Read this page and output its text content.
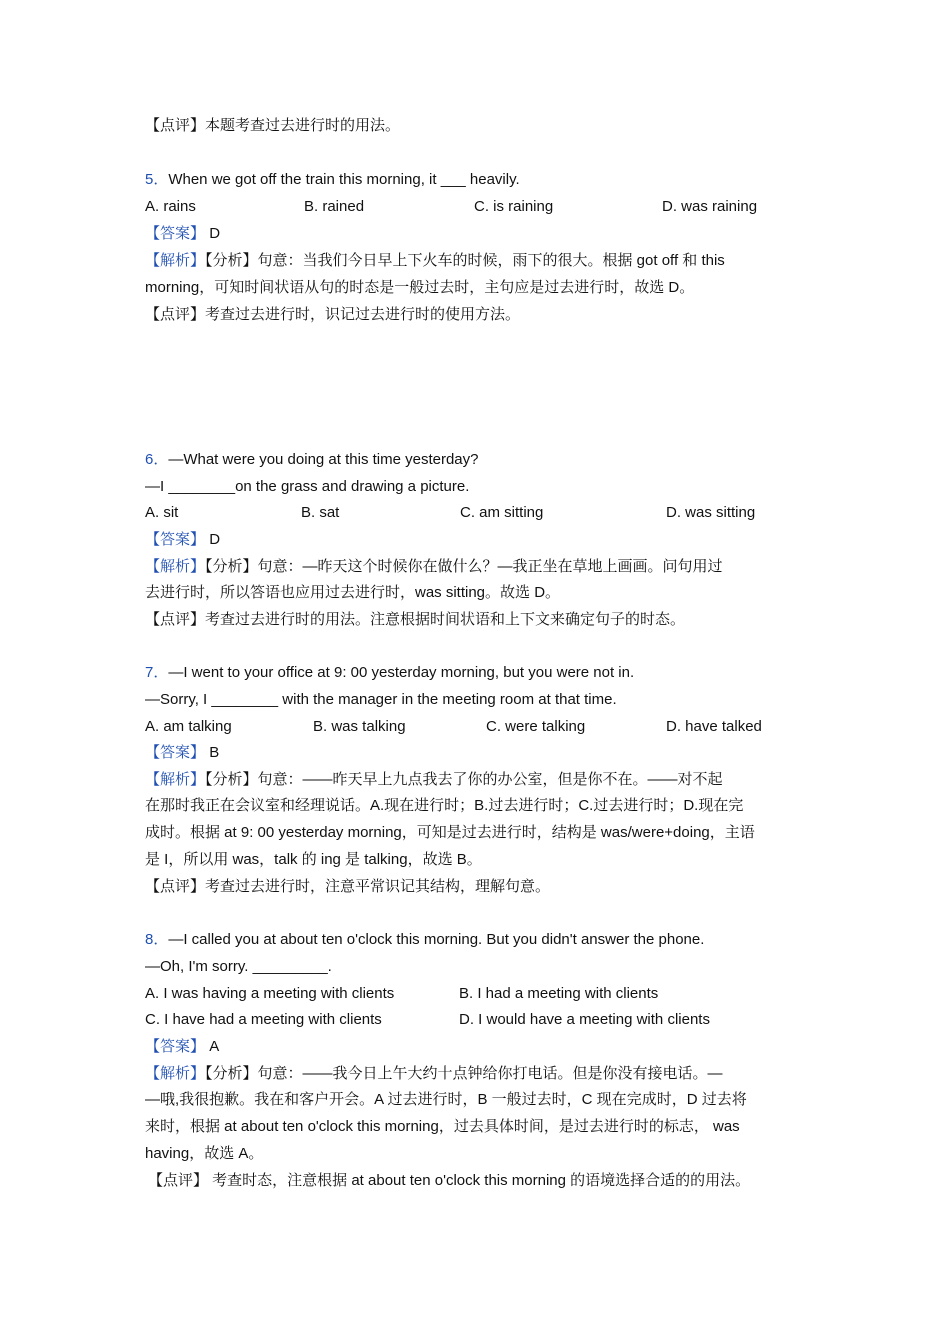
【点评】本题考查过去进行时的用法。
5．When we got off the train this morning, it ___ heavily.
A. rains	B. rained	C. is raining	D. was raining
【答案】 D
【解析】【分析】句意：当我们今日早上下火车的时候，雨下的很大。根据 got off 和 this
morning，可知时间状语从句的时态是一般过去时，主句应是过去进行时，故选 D。
【点评】考查过去进行时，识记过去进行时的使用方法。
6．—What were you doing at this time yesterday?
—I ________on the grass and drawing a picture.
A. sit	B. sat	C. am sitting	D. was sitting
【答案】 D
【解析】【分析】句意：—昨天这个时候你在做什么？—我正坐在草地上画画。问句用过
去进行时，所以答语也应用过去进行时，was sitting。故选 D。
【点评】考查过去进行时的用法。注意根据时间状语和上下文来确定句子的时态。
7．—I went to your office at 9: 00 yesterday morning, but you were not in.
—Sorry, I ________ with the manager in the meeting room at that time.
A. am talking	B. was talking	C. were talking	D. have talked
【答案】 B
【解析】【分析】句意：——昨天早上九点我去了你的办公室，但是你不在。——对不起
在那时我正在会议室和经理说话。A.现在进行时；B.过去进行时；C.过去进行时；D.现在完
成时。根据 at 9: 00 yesterday morning，可知是过去进行时，结构是 was/were+doing，主语
是 I，所以用 was，talk 的 ing 是 talking，故选 B。
【点评】考查过去进行时，注意平常识记其结构，理解句意。
8．—I called you at about ten o'clock this morning. But you didn't answer the phone.
—Oh, I'm sorry. _________.
A. I was having a meeting with clients	B. I had a meeting with clients
C. I have had a meeting with clients	D. I would have a meeting with clients
【答案】 A
【解析】【分析】句意：——我今日上午大约十点钟给你打电话。但是你没有接电话。—
—哦,我很抱歉。我在和客户开会。A 过去进行时，B 一般过去时，C 现在完成时，D 过去将
来时，根据 at about ten o'clock this morning，过去具体时间，是过去进行时的标志， was
having，故选 A。
【点评】 考查时态，注意根据 at about ten o'clock this morning 的语境选择合适的的用法。
